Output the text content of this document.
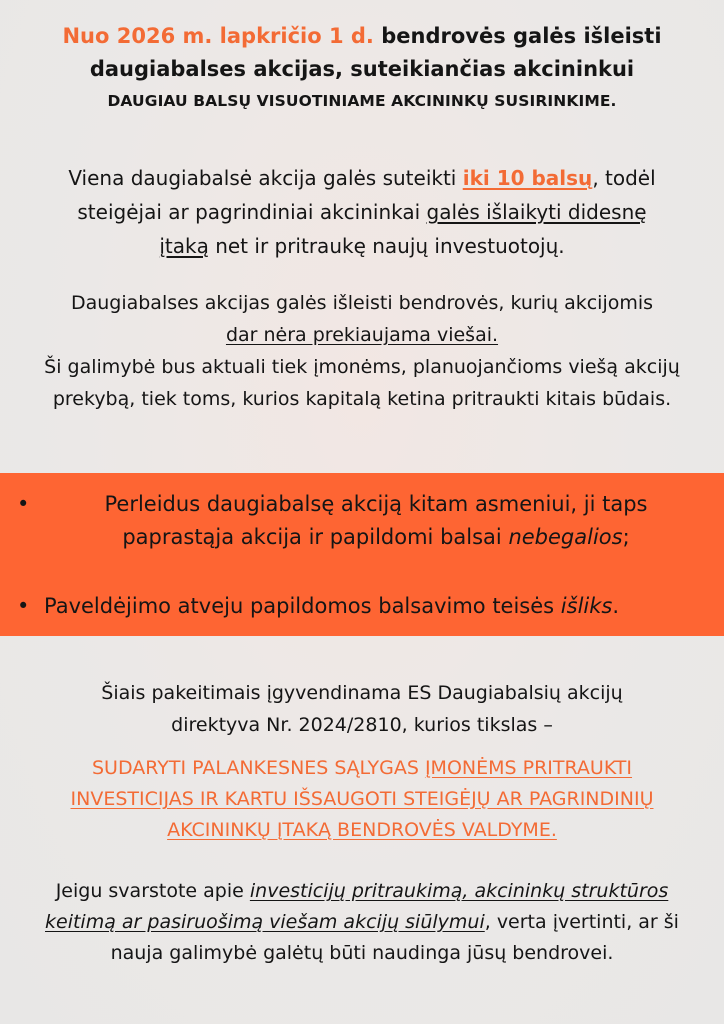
Nuo 2026 m. lapkričio 1 d. bendrovės galės išleisti
daugiabalses akcijas, suteikiančias akcininkui
DAUGIAU BALSŲ VISUOTINIAME AKCININKŲ SUSIRINKIME.
Viena daugiabalsė akcija galės suteikti iki 10 balsų, todėl steigėjai ar pagrindiniai akcininkai galės išlaikyti didesnę įtaką net ir pritraukę naujų investuotojų.
Daugiabalses akcijas galės išleisti bendrovės, kurių akcijomis
dar nėra prekiaujama viešai.
Ši galimybė bus aktuali tiek įmonėms, planuojančioms viešą akcijų prekybą, tiek toms, kurios kapitalą ketina pritraukti kitais būdais.
•	Perleidus daugiabalsę akciją kitam asmeniui, ji taps paprastąja akcija ir papildomi balsai nebegalios;
• Paveldėjimo atveju papildomos balsavimo teisės išliks.
Šiais pakeitimais įgyvendinama ES Daugiabalsių akcijų
direktyva Nr. 2024/2810, kurios tikslas –
SUDARYTI PALANKESNES SĄLYGAS ĮMONĖMS PRITRAUKTI INVESTICIJAS IR KARTU IŠSAUGOTI STEIGĖJŲ AR PAGRINDINIŲ AKCININKŲ ĮTAKĄ BENDROVĖS VALDYME.
Jeigu svarstote apie investicijų pritraukimą, akcininkų struktūros keitimą ar pasiruošimą viešam akcijų siūlymui, verta įvertinti, ar ši nauja galimybė galėtų būti naudinga jūsų bendrovei.
